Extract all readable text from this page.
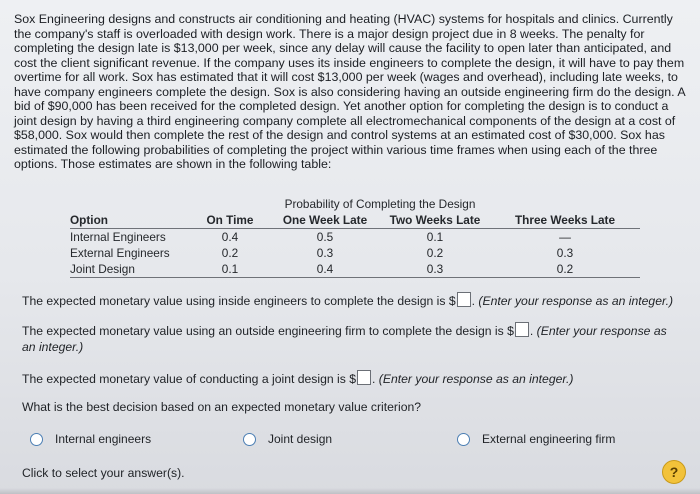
Sox Engineering designs and constructs air conditioning and heating (HVAC) systems for hospitals and clinics. Currently the company's staff is overloaded with design work. There is a major design project due in 8 weeks. The penalty for completing the design late is $13,000 per week, since any delay will cause the facility to open later than anticipated, and cost the client significant revenue. If the company uses its inside engineers to complete the design, it will have to pay them overtime for all work. Sox has estimated that it will cost $13,000 per week (wages and overhead), including late weeks, to have company engineers complete the design. Sox is also considering having an outside engineering firm do the design. A bid of $90,000 has been received for the completed design. Yet another option for completing the design is to conduct a joint design by having a third engineering company complete all electromechanical components of the design at a cost of $58,000. Sox would then complete the rest of the design and control systems at an estimated cost of $30,000. Sox has estimated the following probabilities of completing the project within various time frames when using each of the three options. Those estimates are shown in the following table:
		Probability of Completing the Design		
Option	On Time	One Week Late	Two Weeks Late	Three Weeks Late
Internal Engineers	0.4	0.5	0.1	—
External Engineers	0.2	0.3	0.2	0.3
Joint Design	0.1	0.4	0.3	0.2
The expected monetary value using inside engineers to complete the design is $ . (Enter your response as an integer.)
The expected monetary value using an outside engineering firm to complete the design is $ . (Enter your response as an integer.)
The expected monetary value of conducting a joint design is $ . (Enter your response as an integer.)
What is the best decision based on an expected monetary value criterion?
Internal engineers	Joint design	External engineering firm
Click to select your answer(s).	?
